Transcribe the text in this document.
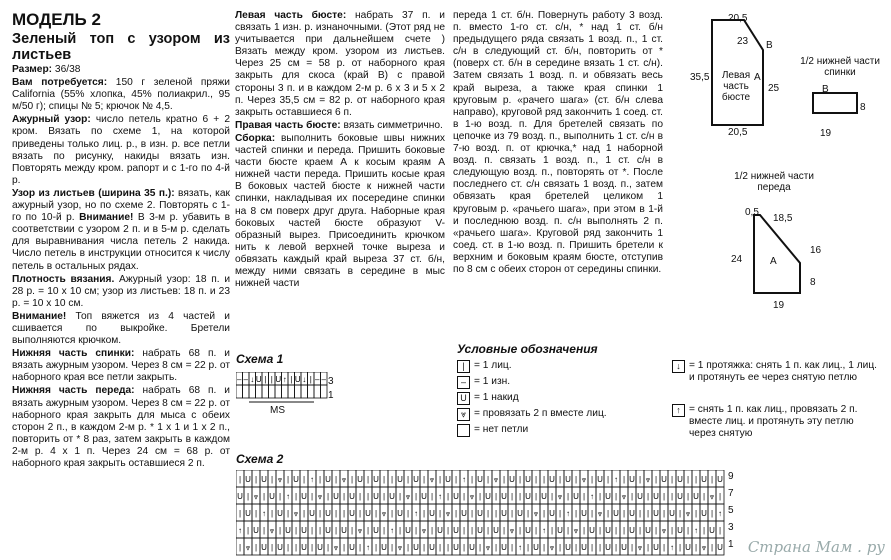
МОДЕЛЬ 2

Зеленый топ с узором из листьев

Размер: 36/38

Вам потребуется: 150 г зеленой пряжи California (55% хлопка, 45% полиакрил., 95 м/50 г); спицы № 5; крючок № 4,5.

Ажурный узор: число петель кратно 6 + 2 кром. Вязать по схеме 1, на которой приведены только лиц. р., в изн. р. все петли вязать по рисунку, накиды вязать изн. Повторять между кром. рапорт и с 1-го по 4-й р.

Узор из листьев (ширина 35 п.): вязать, как ажурный узор, но по схеме 2. Повторять с 1-го по 10-й р. Внимание! В 3-м р. убавить в соответствии с узором 2 п. и в 5-м р. сделать для выравнивания числа петель 2 накида. Число петель в инструкции относится к числу петель в остальных рядах.

Плотность вязания. Ажурный узор: 18 п. и 28 р. = 10 х 10 см; узор из листьев: 18 п. и 23 р. = 10 х 10 см.

Внимание! Топ вяжется из 4 частей и сшивается по выкройке. Бретели выполняются крючком.

Нижняя часть спинки: набрать 68 п. и вязать ажурным узором. Через 8 см = 22 р. от наборного края все петли закрыть.

Нижняя часть переда: набрать 68 п. и вязать ажурным узором. Через 8 см = 22 р. от наборного края закрыть для мыса с обеих сторон 2 п., в каждом 2-м р. * 1 х 1 и 1 х 2 п., повторить от * 8 раз, затем закрыть в каждом 2-м р. 4 х 1 п. Через 24 см = 68 р. от наборного края закрыть оставшиеся 2 п.

Левая часть бюсте: набрать 37 п. и связать 1 изн. р. изнаночными. (Этот ряд не учитывается при дальнейшем счете ) Вязать между кром. узором из листьев. Через 25 см = 58 р. от наборного края закрыть для скоса (край В) с правой стороны 3 п. и в каждом 2-м р. 6 х 3 и 5 х 2 п. Через 35,5 см = 82 р. от наборного края закрыть оставшиеся 6 п.

Правая часть бюсте: вязать симметрично.

Сборка: выполнить боковые швы нижних частей спинки и переда. Пришить боковые части бюсте краем А к косым краям А нижней части переда. Пришить косые края В боковых частей бюсте к нижней части спинки, накладывая их посередине спинки на 8 см поверх друг друга. Наборные края боковых частей бюсте образуют V-образный вырез. Присоединить крючком нить к левой верхней точке выреза и обвязать каждый край выреза 37 ст. б/н, между ними связать в середине в мыс нижней части

переда 1 ст. б/н. Повернуть работу 3 возд. п. вместо 1-го ст. с/н, * над 1 ст. б/н предыдущего ряда связать 1 возд. п., 1 ст. с/н в следующий ст. б/н, повторить от * (поверх ст. б/н в середине вязать 1 ст. с/н). Затем связать 1 возд. п. и обвязать весь край выреза, а также края спинки 1 круговым р. «рачего шага» (ст. б/н слева направо), круговой ряд закончить 1 соед. ст. в 1-ю возд. п. Для бретелей связать по цепочке из 79 возд. п., выполнить 1 ст. с/н в 7-ю возд. п. от крючка,* над 1 наборной возд. п. связать 1 возд. п., 1 ст. с/н в следующую возд. п., повторять от *. После последнего ст. с/н связать 1 возд. п., затем обвязать края бретелей целиком 1 круговым р. «рачьего шага», при этом в 1-й и последнюю возд. п. с/н выполнять 2 п. «рачьего шага». Круговой ряд закончить 1 соед. ст. в 1-ю возд. п. Пришить бретели к верхним и боковым краям бюсте, отступив по 8 см с обеих сторон от середины спинки.

20,5
23 B
A
Левая часть бюсте
35,5
25
20,5
1/2 нижней части спинки
B
8
19
1/2 нижней части переда
0,5
18,5
A
24
16
8
19
Схема 1
– – ↓ U | | U ↑ | U ↓ | – – 3
1
MS
Схема 2
| U | U | ⩔ | U | ↑ | U | ⩔ | U | U | | U | U | ⩔ | U | ↑ | U | ⩔ | U | U | | U | U | ⩔ | U | ↑ | U | ⩔ | U | U | | U | U
U | ⩔ | U | ↑ | U | ⩔ | U | U | | U | U | ⩔ | U | ↑ | U | ⩔ | U | U | | U | U | ⩔ | U | ↑ | U | ⩔ | U | U | | U | U | ⩔ |
| U | ↑ | U | ⩔ | U | U | | U | U | ⩔ | U | ↑ | U | ⩔ | U | U | | U | U | ⩔ | U | ↑ | U | ⩔ | U | U | | U | U | ⩔ | U | ↑
↑ | U | ⩔ | U | U | | U | U | ⩔ | U | ↑ | U | ⩔ | U | U | | U | U | ⩔ | U | ↑ | U | ⩔ | U | U | | U | U | ⩔ | U | ↑ | U |
| ⩔ | U | U | | U | U | ⩔ | U | ↑ | U | ⩔ | U | U | | U | U | ⩔ | U | ↑ | U | ⩔ | U | U | | U | U | ⩔ | U | ↑ | U | ⩔ | U
9
7
5
3
1
Условные обозначения
| = 1 лиц.
– = 1 изн.
U = 1 накид
⩔ = провязать 2 п вместе лиц.
= нет петли
↓ = 1 протяжка: снять 1 п. как лиц., 1 лиц. и протянуть ее через снятую петлю
↑ = снять 1 п. как лиц., провязать 2 п. вместе лиц. и протянуть эту петлю через снятую
Страна Мам . ру
